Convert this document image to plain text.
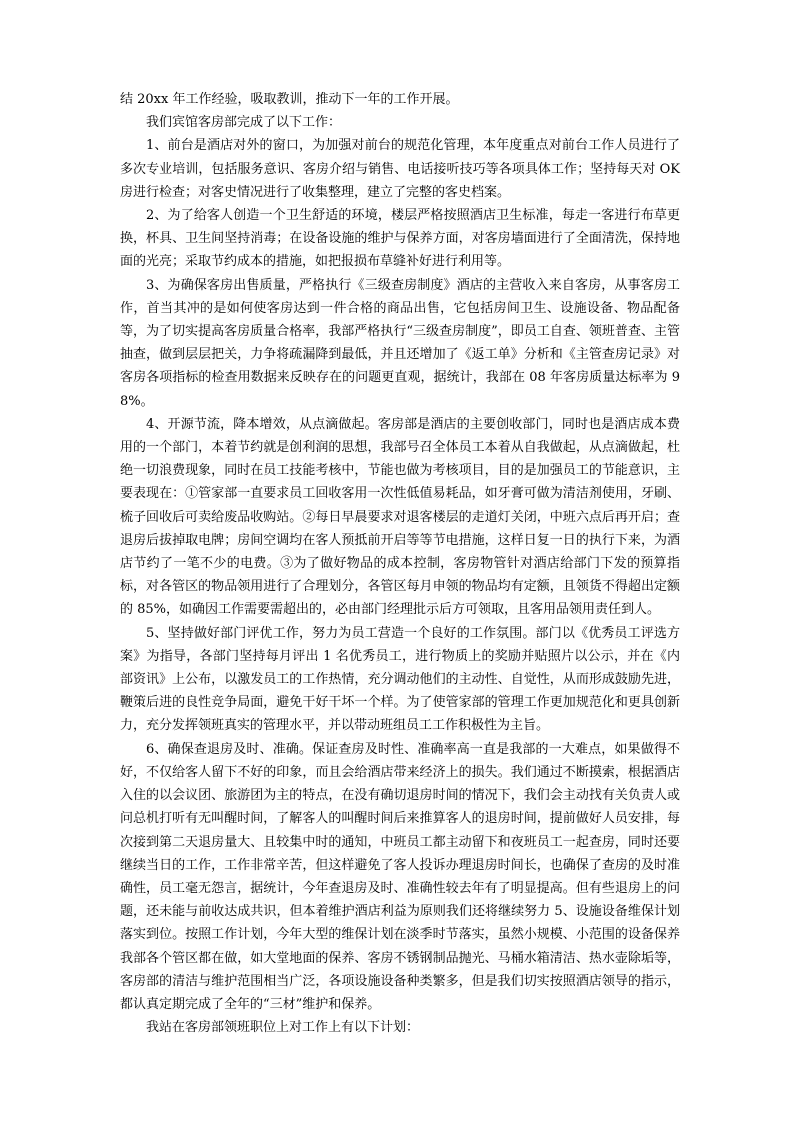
结 20xx 年工作经验，吸取教训，推动下一年的工作开展。

我们宾馆客房部完成了以下工作：

1、前台是酒店对外的窗口，为加强对前台的规范化管理，本年度重点对前台工作人员进行了多次专业培训，包括服务意识、客房介绍与销售、电话接听技巧等各项具体工作；坚持每天对 OK 房进行检查；对客史情况进行了收集整理，建立了完整的客史档案。

2、为了给客人创造一个卫生舒适的环境，楼层严格按照酒店卫生标准，每走一客进行布草更换，杯具、卫生间坚持消毒；在设备设施的维护与保养方面，对客房墙面进行了全面清洗，保持地面的光亮；采取节约成本的措施，如把报损布草缝补好进行利用等。

3、为确保客房出售质量，严格执行《三级查房制度》酒店的主营收入来自客房，从事客房工作，首当其冲的是如何使客房达到一件合格的商品出售，它包括房间卫生、设施设备、物品配备等，为了切实提高客房质量合格率，我部严格执行“三级查房制度”，即员工自查、领班普查、主管抽查，做到层层把关，力争将疏漏降到最低，并且还增加了《返工单》分析和《主管查房记录》对客房各项指标的检查用数据来反映存在的问题更直观，据统计，我部在 08 年客房质量达标率为 98%。

4、开源节流，降本增效，从点滴做起。客房部是酒店的主要创收部门，同时也是酒店成本费用的一个部门，本着节约就是创利润的思想，我部号召全体员工本着从自我做起，从点滴做起，杜绝一切浪费现象，同时在员工技能考核中，节能也做为考核项目，目的是加强员工的节能意识，主要表现在：①管家部一直要求员工回收客用一次性低值易耗品，如牙膏可做为清洁剂使用，牙刷、梳子回收后可卖给废品收购站。②每日早晨要求对退客楼层的走道灯关闭，中班六点后再开启；查退房后拔掉取电牌；房间空调均在客人预抵前开启等等节电措施，这样日复一日的执行下来，为酒店节约了一笔不少的电费。③为了做好物品的成本控制，客房物管针对酒店给部门下发的预算指标，对各管区的物品领用进行了合理划分，各管区每月申领的物品均有定额，且领货不得超出定额的 85%，如确因工作需要需超出的，必由部门经理批示后方可领取，且客用品领用责任到人。

5、坚持做好部门评优工作，努力为员工营造一个良好的工作氛围。部门以《优秀员工评选方案》为指导，各部门坚持每月评出 1 名优秀员工，进行物质上的奖励并贴照片以公示，并在《内部资讯》上公布，以激发员工的工作热情，充分调动他们的主动性、自觉性，从而形成鼓励先进，鞭策后进的良性竞争局面，避免干好干坏一个样。为了使管家部的管理工作更加规范化和更具创新力，充分发挥领班真实的管理水平，并以带动班组员工工作积极性为主旨。

6、确保查退房及时、准确。保证查房及时性、准确率高一直是我部的一大难点，如果做得不好，不仅给客人留下不好的印象，而且会给酒店带来经济上的损失。我们通过不断摸索，根据酒店入住的以会议团、旅游团为主的特点，在没有确切退房时间的情况下，我们会主动找有关负责人或问总机打听有无叫醒时间，了解客人的叫醒时间后来推算客人的退房时间，提前做好人员安排，每次接到第二天退房量大、且较集中时的通知，中班员工都主动留下和夜班员工一起查房，同时还要继续当日的工作，工作非常辛苦，但这样避免了客人投诉办理退房时间长，也确保了查房的及时准确性，员工毫无怨言，据统计，今年查退房及时、准确性较去年有了明显提高。但有些退房上的问题，还未能与前收达成共识，但本着维护酒店利益为原则我们还将继续努力 5、设施设备维保计划落实到位。按照工作计划，今年大型的维保计划在淡季时节落实，虽然小规模、小范围的设备保养我部各个管区都在做，如大堂地面的保养、客房不锈钢制品抛光、马桶水箱清洁、热水壶除垢等，客房部的清洁与维护范围相当广泛，各项设施设备种类繁多，但是我们切实按照酒店领导的指示，都认真定期完成了全年的“三材”维护和保养。

我站在客房部领班职位上对工作上有以下计划：
